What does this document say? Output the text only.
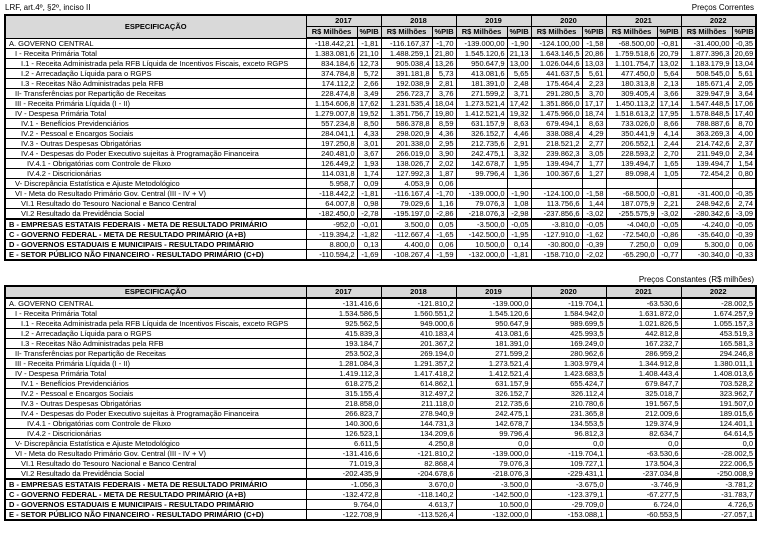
LRF, art.4º, §2º, inciso II	Preços Correntes
ESPECIFICAÇÃO	2017		2018		2019		2020		2021		2022	
	R$ Milhões	%PIB	R$ Milhões	%PIB	R$ Milhões	%PIB	R$ Milhões	%PIB	R$ Milhões	%PIB	R$ Milhões	%PIB
A. GOVERNO CENTRAL	-118.442,21	-1,81	-116.167,37	-1,70	-139.000,00	-1,90	-124.100,00	-1,58	-68.500,00	-0,81	-31.400,00	-0,35
I - Receita Primária Total	1.383.081,6	21,10	1.488.259,1	21,80	1.545.120,6	21,13	1.643.146,5	20,86	1.759.518,6	20,79	1.877.396,3	20,69
I.1 - Receita Administrada pela RFB Líquida de Incentivos Fiscais, exceto RGPS	834.184,6	12,73	905.038,4	13,26	950.647,9	13,00	1.026.044,6	13,03	1.101.754,7	13,02	1.183.179,9	13,04
I.2 - Arrecadação Líquida para o RGPS	374.784,8	5,72	391.181,8	5,73	413.081,6	5,65	441.637,5	5,61	477.450,0	5,64	508.545,0	5,61
I.3 - Receitas Não Administradas pela RFB	174.112,2	2,66	192.038,9	2,81	181.391,0	2,48	175.464,4	2,23	180.313,8	2,13	185.671,4	2,05
II- Transferências por Repartição de Receitas	228.474,8	3,49	256.723,7	3,76	271.599,2	3,71	291.280,5	3,70	309.405,4	3,66	329.947,9	3,64
III - Receita Primária Líquida (I - II)	1.154.606,8	17,62	1.231.535,4	18,04	1.273.521,4	17,42	1.351.866,0	17,17	1.450.113,2	17,14	1.547.448,5	17,06
IV - Despesa Primária Total	1.279.007,8	19,52	1.351.756,7	19,80	1.412.521,4	19,32	1.475.966,0	18,74	1.518.613,2	17,95	1.578.848,5	17,40
IV.1 - Benefícios Previdenciários	557.234,8	8,50	586.378,8	8,59	631.157,9	8,63	679.494,1	8,63	733.026,0	8,66	788.887,6	8,70
IV.2 - Pessoal e Encargos Sociais	284.041,1	4,33	298.020,9	4,36	326.152,7	4,46	338.088,4	4,29	350.441,9	4,14	363.269,3	4,00
IV.3 - Outras Despesas Obrigatórias	197.250,8	3,01	201.338,0	2,95	212.735,6	2,91	218.521,2	2,77	206.552,1	2,44	214.742,6	2,37
IV.4 - Despesas do Poder Executivo sujeitas à Programação Financeira	240.481,0	3,67	266.019,0	3,90	242.475,1	3,32	239.862,3	3,05	228.593,2	2,70	211.949,0	2,34
IV.4.1 - Obrigatórias com Controle de Fluxo	126.449,2	1,93	138.026,7	2,02	142.678,7	1,95	139.494,7	1,77	139.494,7	1,65	139.494,7	1,54
IV.4.2 - Discricionárias	114.031,8	1,74	127.992,3	1,87	99.796,4	1,36	100.367,6	1,27	89.098,4	1,05	72.454,2	0,80
V- Discrepância Estatística e Ajuste Metodológico	5.958,7	0,09	4.053,9	0,06								
VI - Meta do Resultado Primário Gov. Central (III - IV + V)	-118.442,2	-1,81	-116.167,4	-1,70	-139.000,0	-1,90	-124.100,0	-1,58	-68.500,0	-0,81	-31.400,0	-0,35
VI.1 Resultado do Tesouro Nacional e Banco Central	64.007,8	0,98	79.029,6	1,16	79.076,3	1,08	113.756,6	1,44	187.075,9	2,21	248.942,6	2,74
VI.2 Resultado da Previdência Social	-182.450,0	-2,78	-195.197,0	-2,86	-218.076,3	-2,98	-237.856,6	-3,02	-255.575,9	-3,02	-280.342,6	-3,09
B - EMPRESAS ESTATAIS FEDERAIS - META DE RESULTADO PRIMÁRIO	-952,0	-0,01	3.500,0	0,05	-3.500,0	-0,05	-3.810,0	-0,05	-4.040,0	-0,05	-4.240,0	-0,05
C - GOVERNO FEDERAL - META DE RESULTADO PRIMÁRIO (A+B)	-119.394,2	-1,82	-112.667,4	-1,65	-142.500,0	-1,95	-127.910,0	-1,62	-72.540,0	-0,86	-35.640,0	-0,39
D - GOVERNOS ESTADUAIS E MUNICIPAIS - RESULTADO PRIMÁRIO	8.800,0	0,13	4.400,0	0,06	10.500,0	0,14	-30.800,0	-0,39	7.250,0	0,09	5.300,0	0,06
E - SETOR PÚBLICO NÃO FINANCEIRO - RESULTADO PRIMÁRIO (C+D)	-110.594,2	-1,69	-108.267,4	-1,59	-132.000,0	-1,81	-158.710,0	-2,02	-65.290,0	-0,77	-30.340,0	-0,33
Preços Constantes (R$ milhões)
ESPECIFICAÇÃO	2017	2018	2019	2020	2021	2022
A. GOVERNO CENTRAL	-131.416,6	-121.810,2	-139.000,0	-119.704,1	-63.530,6	-28.002,5
I - Receita Primária Total	1.534.586,5	1.560.551,2	1.545.120,6	1.584.942,0	1.631.872,0	1.674.257,9
I.1 - Receita Administrada pela RFB Líquida de Incentivos Fiscais, exceto RGPS	925.562,5	949.000,6	950.647,9	989.699,5	1.021.826,5	1.055.157,3
I.2 - Arrecadação Líquida para o RGPS	415.839,3	410.183,4	413.081,6	425.993,5	442.812,8	453.519,3
I.3 - Receitas Não Administradas pela RFB	193.184,7	201.367,2	181.391,0	169.249,0	167.232,7	165.581,3
II- Transferências por Repartição de Receitas	253.502,3	269.194,0	271.599,2	280.962,6	286.959,2	294.246,8
III - Receita Primária Líquida (I - II)	1.281.084,3	1.291.357,2	1.273.521,4	1.303.979,4	1.344.912,8	1.380.011,1
IV - Despesa Primária Total	1.419.112,3	1.417.418,2	1.412.521,4	1.423.683,5	1.408.443,4	1.408.013,6
IV.1 - Benefícios Previdenciários	618.275,2	614.862,1	631.157,9	655.424,7	679.847,7	703.528,2
IV.2 - Pessoal e Encargos Sociais	315.155,4	312.497,2	326.152,7	326.112,4	325.018,7	323.962,7
IV.3 - Outras Despesas Obrigatórias	218.858,0	211.118,0	212.735,6	210.780,6	191.567,5	191.507,0
IV.4 - Despesas do Poder Executivo sujeitas à Programação Financeira	266.823,7	278.940,9	242.475,1	231.365,8	212.009,6	189.015,6
IV.4.1 - Obrigatórias com Controle de Fluxo	140.300,6	144.731,3	142.678,7	134.553,5	129.374,9	124.401,1
IV.4.2 - Discricionárias	126.523,1	134.209,6	99.796,4	96.812,3	82.634,7	64.614,5
V- Discrepância Estatística e Ajuste Metodológico	6.611,5	4.250,8	0,0	0,0	0,0	0,0
VI - Meta do Resultado Primário Gov. Central (III - IV + V)	-131.416,6	-121.810,2	-139.000,0	-119.704,1	-63.530,6	-28.002,5
VI.1 Resultado do Tesouro Nacional e Banco Central	71.019,3	82.868,4	79.076,3	109.727,1	173.504,3	222.006,5
VI.2 Resultado da Previdência Social	-202.435,9	-204.678,6	-218.076,3	-229.431,1	-237.034,8	-250.008,9
B - EMPRESAS ESTATAIS FEDERAIS - META DE RESULTADO PRIMÁRIO	-1.056,3	3.670,0	-3.500,0	-3.675,0	-3.746,9	-3.781,2
C - GOVERNO FEDERAL - META DE RESULTADO PRIMÁRIO (A+B)	-132.472,8	-118.140,2	-142.500,0	-123.379,1	-67.277,5	-31.783,7
D - GOVERNOS ESTADUAIS E MUNICIPAIS - RESULTADO PRIMÁRIO	9.764,0	4.613,7	10.500,0	-29.709,0	6.724,0	4.726,5
E - SETOR PÚBLICO NÃO FINANCEIRO - RESULTADO PRIMÁRIO (C+D)	-122.708,9	-113.526,4	-132.000,0	-153.088,1	-60.553,5	-27.057,1
